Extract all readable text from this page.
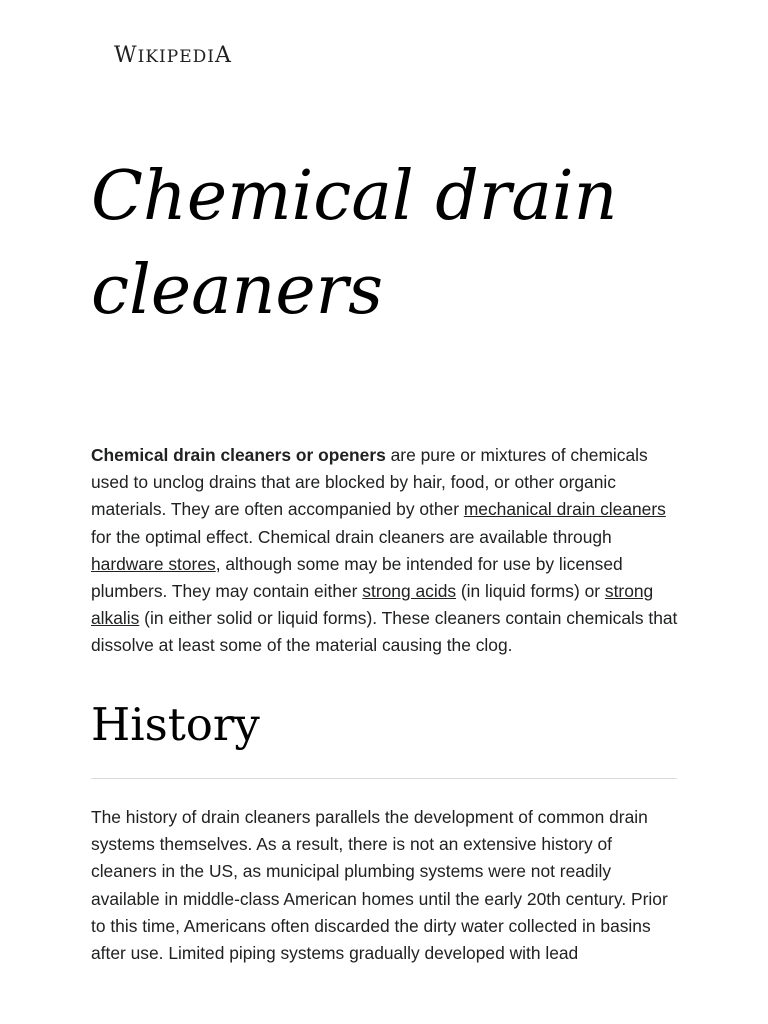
WIKIPEDIA
Chemical drain cleaners

Chemical drain cleaners or openers are pure or mixtures of chemicals used to unclog drains that are blocked by hair, food, or other organic materials. They are often accompanied by other mechanical drain cleaners for the optimal effect. Chemical drain cleaners are available through hardware stores, although some may be intended for use by licensed plumbers. They may contain either strong acids (in liquid forms) or strong alkalis (in either solid or liquid forms). These cleaners contain chemicals that dissolve at least some of the material causing the clog.

History

The history of drain cleaners parallels the development of common drain systems themselves. As a result, there is not an extensive history of cleaners in the US, as municipal plumbing systems were not readily available in middle-class American homes until the early 20th century. Prior to this time, Americans often discarded the dirty water collected in basins after use. Limited piping systems gradually developed with lead
